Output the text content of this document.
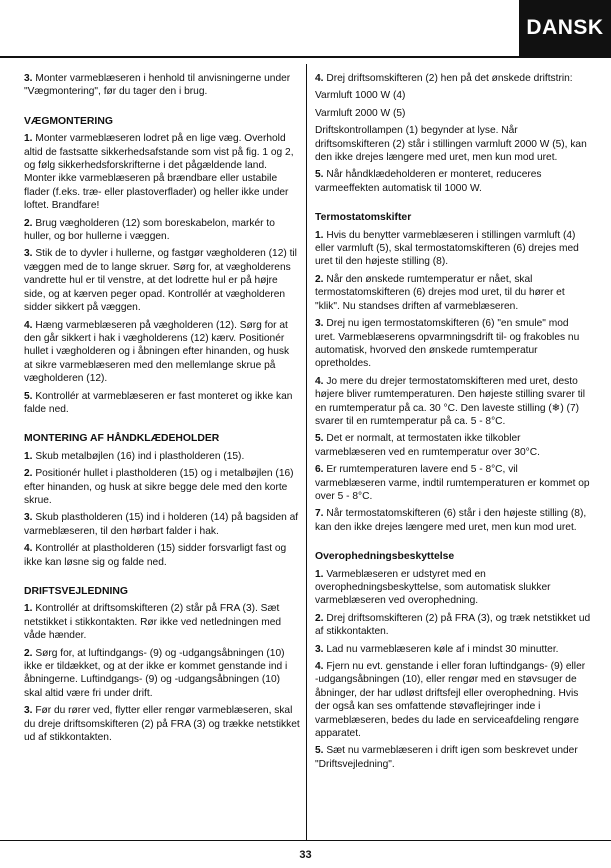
DANSK

3. Monter varmeblæseren i henhold til anvisningerne under "Vægmontering", før du tager den i brug.

VÆGMONTERING

1. Monter varmeblæseren lodret på en lige væg. Overhold altid de fastsatte sikkerhedsafstande som vist på fig. 1 og 2, og følg sikkerhedsforskrifterne i det pågældende land. Monter ikke varmeblæseren på brændbare eller ustabile flader (f.eks. træ- eller plastoverflader) og heller ikke under loftet. Brandfare!

2. Brug vægholderen (12) som boreskabelon, markér to huller, og bor hullerne i væggen.

3. Stik de to dyvler i hullerne, og fastgør vægholderen (12) til væggen med de to lange skruer. Sørg for, at vægholderens vandrette hul er til venstre, at det lodrette hul er på højre side, og at kærven peger opad. Kontrollér at vægholderen sidder sikkert på væggen.

4. Hæng varmeblæseren på vægholderen (12). Sørg for at den går sikkert i hak i vægholderens (12) kærv. Positionér hullet i vægholderen og i åbningen efter hinanden, og husk at sikre varmeblæseren med den mellemlange skrue på vægholderen (12).

5. Kontrollér at varmeblæseren er fast monteret og ikke kan falde ned.

MONTERING AF HÅNDKLÆDEHOLDER

1. Skub metalbøjlen (16) ind i plastholderen (15).

2. Positionér hullet i plastholderen (15) og i metalbøjlen (16) efter hinanden, og husk at sikre begge dele med den korte skrue.

3. Skub plastholderen (15) ind i holderen (14) på bagsiden af varmeblæseren, til den hørbart falder i hak.

4. Kontrollér at plastholderen (15) sidder forsvarligt fast og ikke kan løsne sig og falde ned.

DRIFTSVEJLEDNING

1. Kontrollér at driftsomskifteren (2) står på FRA (3). Sæt netstikket i stikkontakten. Rør ikke ved netledningen med våde hænder.

2. Sørg for, at luftindgangs- (9) og -udgangsåbningen (10) ikke er tildækket, og at der ikke er kommet genstande ind i åbningerne. Luftindgangs- (9) og -udgangsåbningen (10) skal altid være fri under drift.

3. Før du rører ved, flytter eller rengør varmeblæseren, skal du dreje driftsomskifteren (2) på FRA (3) og trække netstikket ud af stikkontakten.

4. Drej driftsomskifteren (2) hen på det ønskede driftstrin:

Varmluft 1000 W (4)

Varmluft 2000 W (5)

Driftskontrollampen (1) begynder at lyse. Når driftsomskifteren (2) står i stillingen varmluft 2000 W (5), kan den ikke drejes længere med uret, men kun mod uret.

5. Når håndklædeholderen er monteret, reduceres varmeeffekten automatisk til 1000 W.

Termostatomskifter

1. Hvis du benytter varmeblæseren i stillingen varmluft (4) eller varmluft (5), skal termostatomskifteren (6) drejes med uret til den højeste stilling (8).

2. Når den ønskede rumtemperatur er nået, skal termostatomskifteren (6) drejes mod uret, til du hører et "klik". Nu standses driften af varmeblæseren.

3. Drej nu igen termostatomskifteren (6) "en smule" mod uret. Varmeblæserens opvarmningsdrift til- og frakobles nu automatisk, hvorved den ønskede rumtemperatur opretholdes.

4. Jo mere du drejer termostatomskifteren med uret, desto højere bliver rumtemperaturen. Den højeste stilling svarer til en rumtemperatur på ca. 30 °C. Den laveste stilling (❄) (7) svarer til en rumtemperatur på ca. 5 - 8°C.

5. Det er normalt, at termostaten ikke tilkobler varmeblæseren ved en rumtemperatur over 30°C.

6. Er rumtemperaturen lavere end 5 - 8°C, vil varmeblæseren varme, indtil rumtemperaturen er kommet op over 5 - 8°C.

7. Når termostatomskifteren (6) står i den højeste stilling (8), kan den ikke drejes længere med uret, men kun mod uret.

Overophedningsbeskyttelse

1. Varmeblæseren er udstyret med en overophedningsbeskyttelse, som automatisk slukker varmeblæseren ved overophedning.

2. Drej driftsomskifteren (2) på FRA (3), og træk netstikket ud af stikkontakten.

3. Lad nu varmeblæseren køle af i mindst 30 minutter.

4. Fjern nu evt. genstande i eller foran luftindgangs- (9) eller -udgangsåbningen (10), eller rengør med en støvsuger de åbninger, der har udløst driftsfejl eller overophedning. Hvis der også kan ses omfattende støvaflejringer inde i varmeblæseren, bedes du lade en serviceafdeling rengøre apparatet.

5. Sæt nu varmeblæseren i drift igen som beskrevet under "Driftsvejledning".

33
